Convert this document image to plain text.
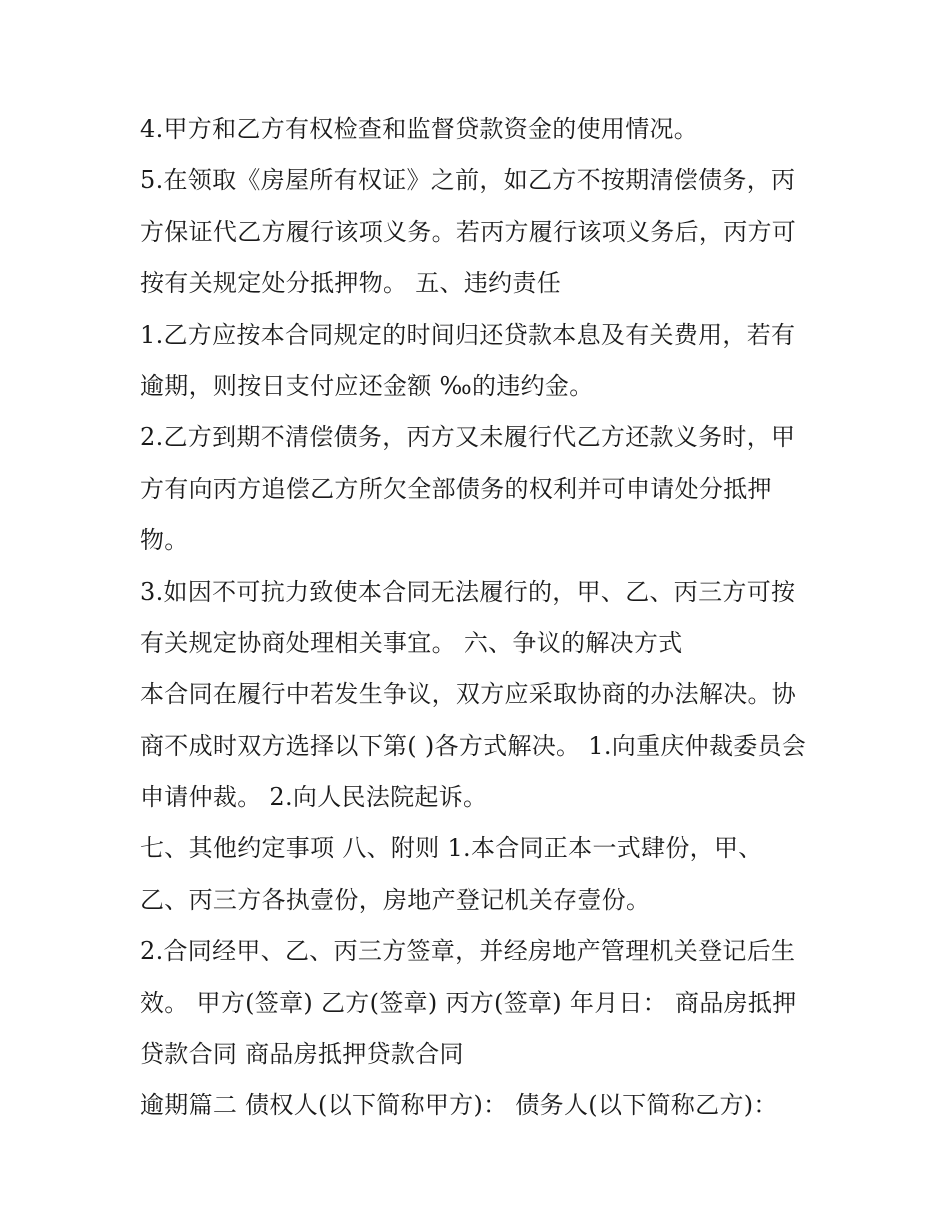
4.甲方和乙方有权检查和监督贷款资金的使用情况。
5.在领取《房屋所有权证》之前，如乙方不按期清偿债务，丙
方保证代乙方履行该项义务。若丙方履行该项义务后，丙方可
按有关规定处分抵押物。 五、违约责任
1.乙方应按本合同规定的时间归还贷款本息及有关费用，若有
逾期，则按日支付应还金额 ‰的违约金。
2.乙方到期不清偿债务，丙方又未履行代乙方还款义务时，甲
方有向丙方追偿乙方所欠全部债务的权利并可申请处分抵押
物。
3.如因不可抗力致使本合同无法履行的，甲、乙、丙三方可按
有关规定协商处理相关事宜。 六、争议的解决方式
本合同在履行中若发生争议，双方应采取协商的办法解决。协
商不成时双方选择以下第( )各方式解决。 1.向重庆仲裁委员会
申请仲裁。 2.向人民法院起诉。
七、其他约定事项 八、附则 1.本合同正本一式肆份，甲、
乙、丙三方各执壹份，房地产登记机关存壹份。
2.合同经甲、乙、丙三方签章，并经房地产管理机关登记后生
效。 甲方(签章) 乙方(签章) 丙方(签章) 年月日： 商品房抵押
贷款合同 商品房抵押贷款合同
逾期篇二 债权人(以下简称甲方)： 债务人(以下简称乙方)：
